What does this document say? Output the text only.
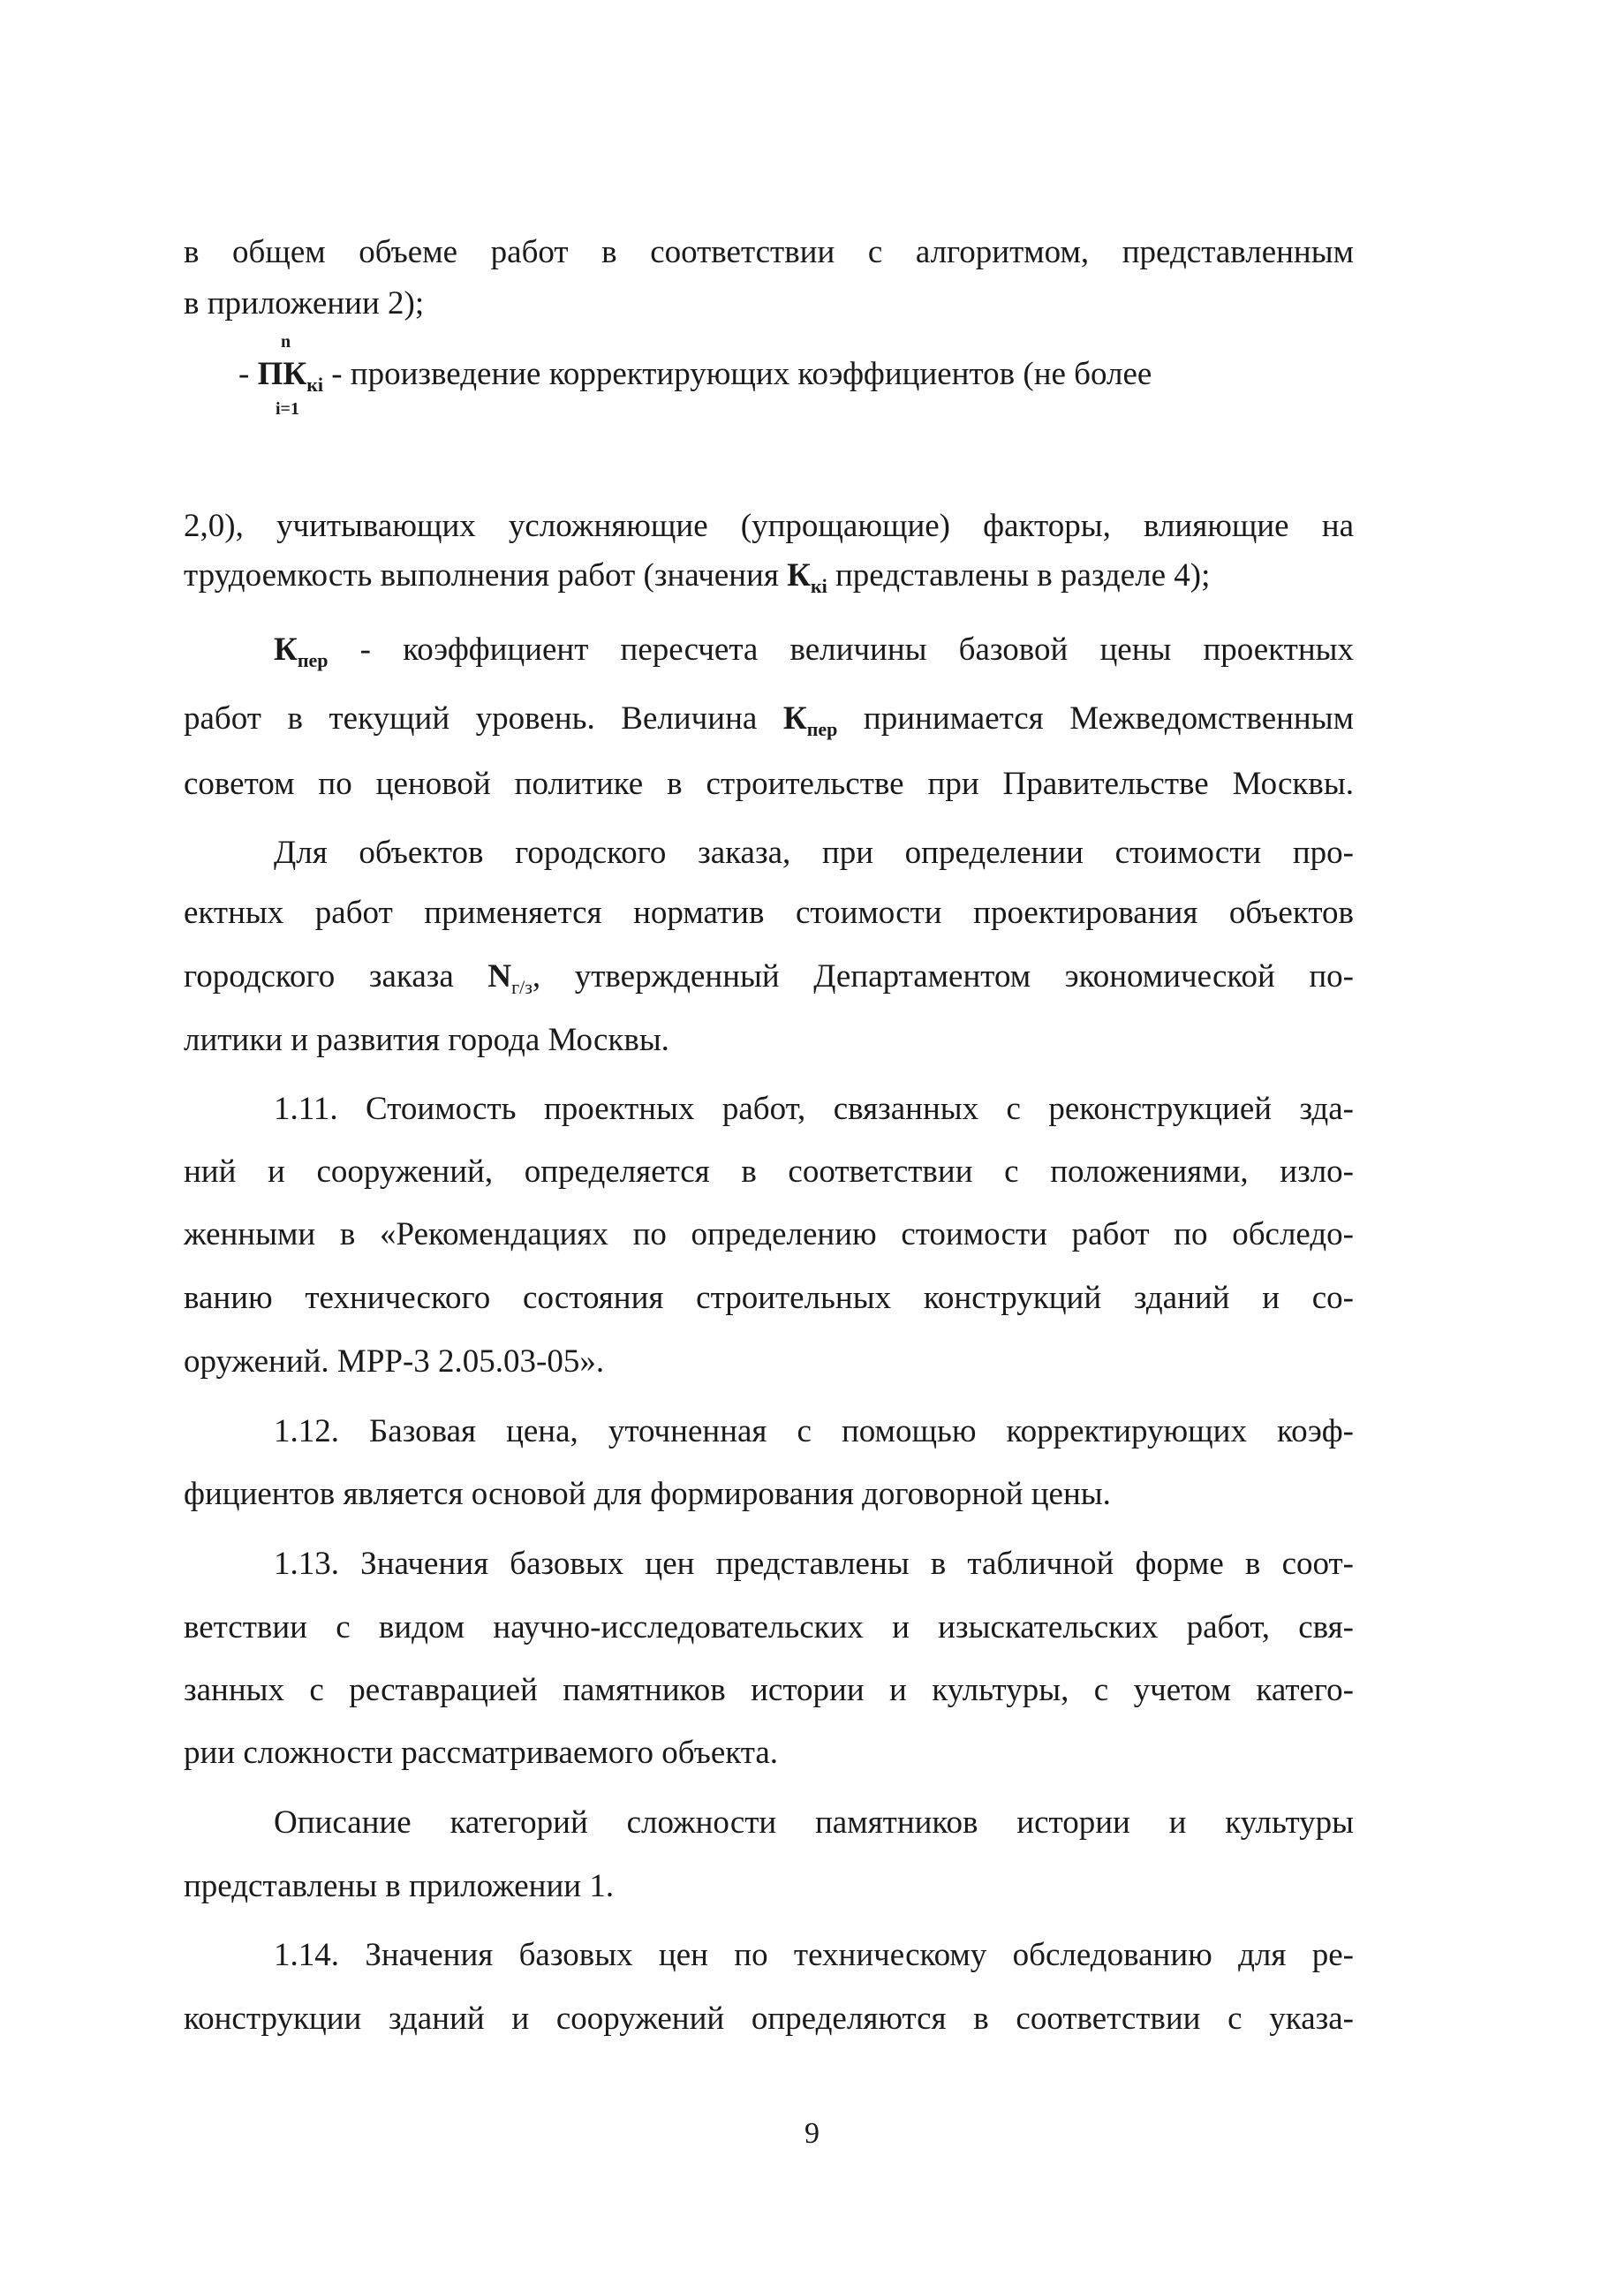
в общем объеме работ в соответствии с алгоритмом, представленным
в приложении 2);
n
i=1
- $ПК_{кi}$ - произведение корректирующих коэффициентов (не более
2,0), учитывающих усложняющие (упрощающие) факторы, влияющие на
трудоемкость выполнения работ (значения $К_{кi}$ представлены в разделе 4);
$К_{пер}$ - коэффициент пересчета величины базовой цены проектных
работ в текущий уровень. Величина $К_{пер}$ принимается Межведомственным
советом по ценовой политике в строительстве при Правительстве Москвы.
Для объектов городского заказа, при определении стоимости про-
ектных работ применяется норматив стоимости проектирования объектов
городского заказа $N_{г/з}$, утвержденный Департаментом экономической по-
литики и развития города Москвы.
1.11. Стоимость проектных работ, связанных с реконструкцией зда-
ний и сооружений, определяется в соответствии с положениями, изло-
женными в «Рекомендациях по определению стоимости работ по обследо-
ванию технического состояния строительных конструкций зданий и со-
оружений. МРР-3 2.05.03-05».
1.12. Базовая цена, уточненная с помощью корректирующих коэф-
фициентов является основой для формирования договорной цены.
1.13. Значения базовых цен представлены в табличной форме в соот-
ветствии с видом научно-исследовательских и изыскательских работ, свя-
занных с реставрацией памятников истории и культуры, с учетом катего-
рии сложности рассматриваемого объекта.
Описание категорий сложности памятников истории и культуры
представлены в приложении 1.
1.14. Значения базовых цен по техническому обследованию для ре-
конструкции зданий и сооружений определяются в соответствии с указа-
9
